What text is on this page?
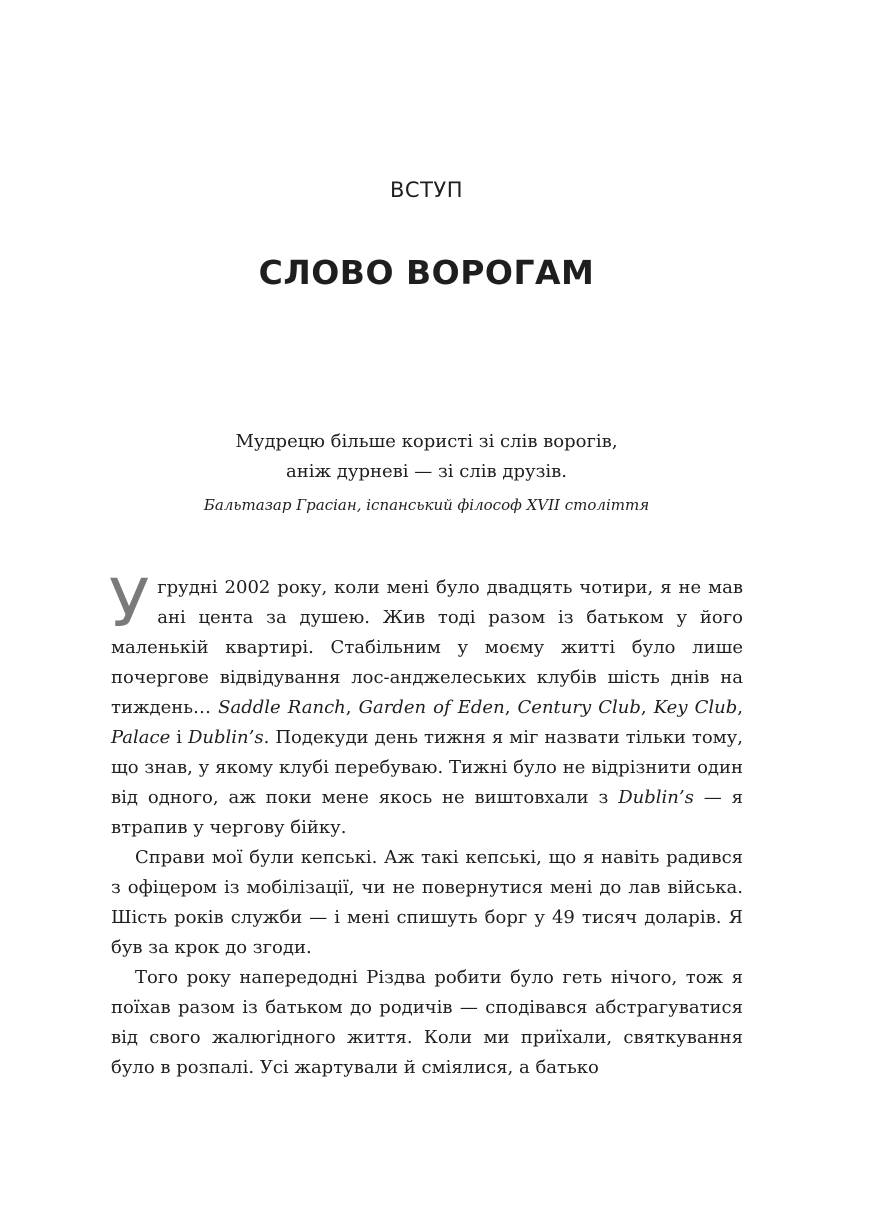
ВСТУП
СЛОВО ВОРОГАМ
Мудрецю більше користі зі слів ворогів,
аніж дурневі — зі слів друзів.
Бальтазар Грасіан, іспанський філософ XVII століття

Угрудні 2002 року, коли мені було двадцять чотири, я не мав ані цента за душею. Жив тоді разом із батьком у його маленькій квартирі. Стабільним у моєму житті було лише почергове відвідування лос-анджелеських клубів шість днів на тиждень… Saddle Ranch, Garden of Eden, Century Club, Key Club, Palace і Dublin’s. Подекуди день тижня я міг назвати тільки тому, що знав, у якому клубі перебуваю. Тижні було не відрізнити один від одного, аж поки мене якось не виштовхали з Dublin’s — я втрапив у чергову бійку.

Справи мої були кепські. Аж такі кепські, що я навіть радився з офіцером із мобілізації, чи не повернутися мені до лав війська. Шість років служби — і мені спишуть борг у 49 тисяч доларів. Я був за крок до згоди.

Того року напередодні Різдва робити було геть нічого, тож я поїхав разом із батьком до родичів — сподівався абстрагуватися від свого жалюгідного життя. Коли ми приїхали, святкування було в розпалі. Усі жартували й сміялися, а батько
